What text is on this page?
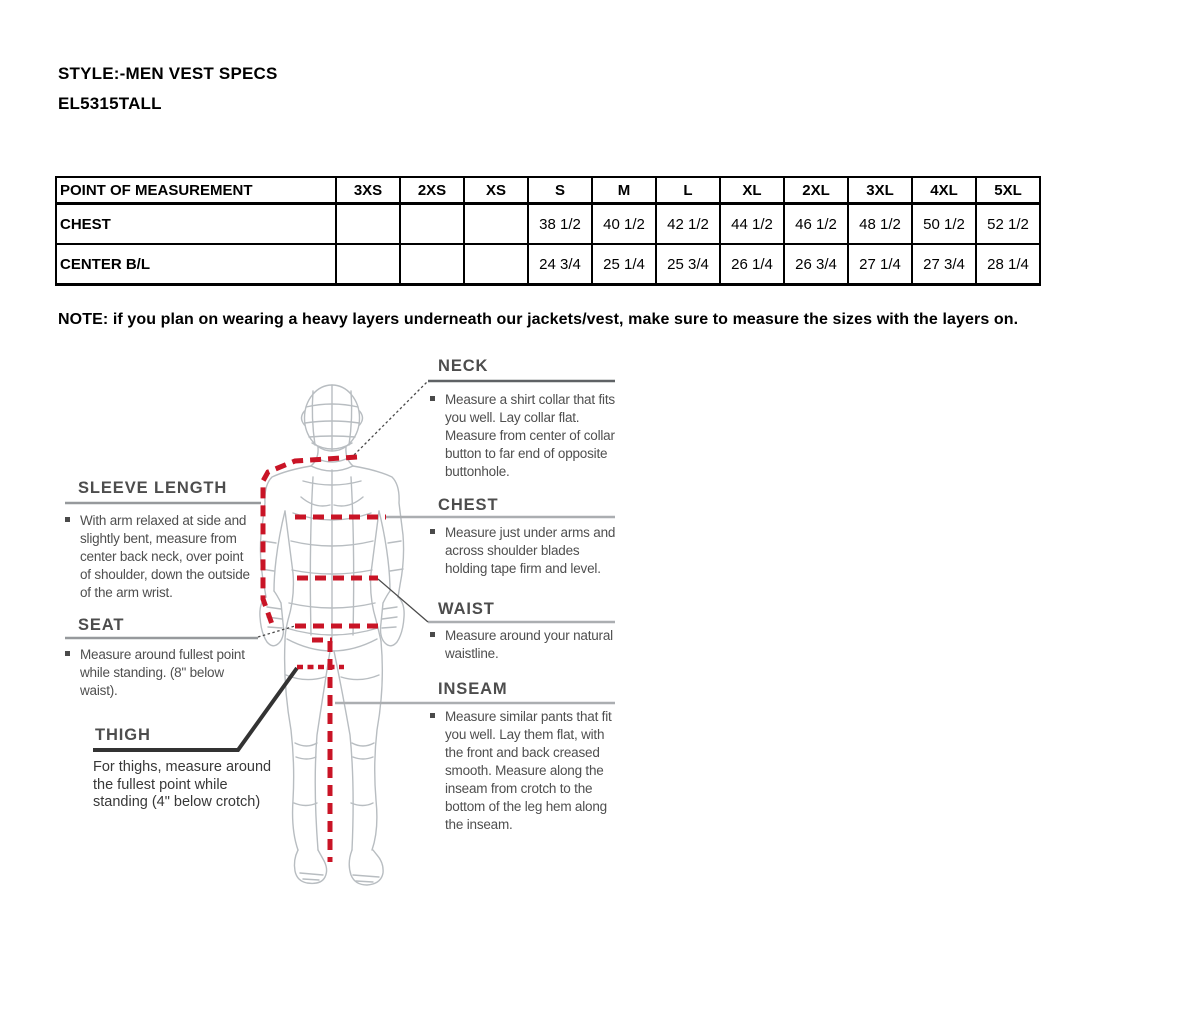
STYLE:-MEN VEST SPECS
EL5315TALL
POINT OF MEASUREMENT	3XS	2XS	XS	S	M	L	XL	2XL	3XL	4XL	5XL
CHEST				38 1/2	40 1/2	42 1/2	44 1/2	46 1/2	48 1/2	50 1/2	52 1/2
CENTER B/L				24 3/4	25 1/4	25 3/4	26 1/4	26 3/4	27 1/4	27 3/4	28 1/4
NOTE: if you plan on wearing a heavy layers underneath our jackets/vest, make sure to measure the sizes with the layers on.
NECK
Measure a shirt collar that fits you well. Lay collar flat. Measure from center of collar button to far end of opposite buttonhole.
CHEST
Measure just under arms and across shoulder blades holding tape firm and level.
WAIST
Measure around your natural waistline.
INSEAM
Measure similar pants that fit you well. Lay them flat, with the front and back creased smooth. Measure along the inseam from crotch to the bottom of the leg hem along the inseam.
SLEEVE LENGTH
With arm relaxed at side and slightly bent, measure from center back neck, over point of shoulder, down the outside of the arm wrist.
SEAT
Measure around fullest point while standing. (8" below waist).
THIGH
For thighs, measure around the fullest point while standing (4" below crotch)
